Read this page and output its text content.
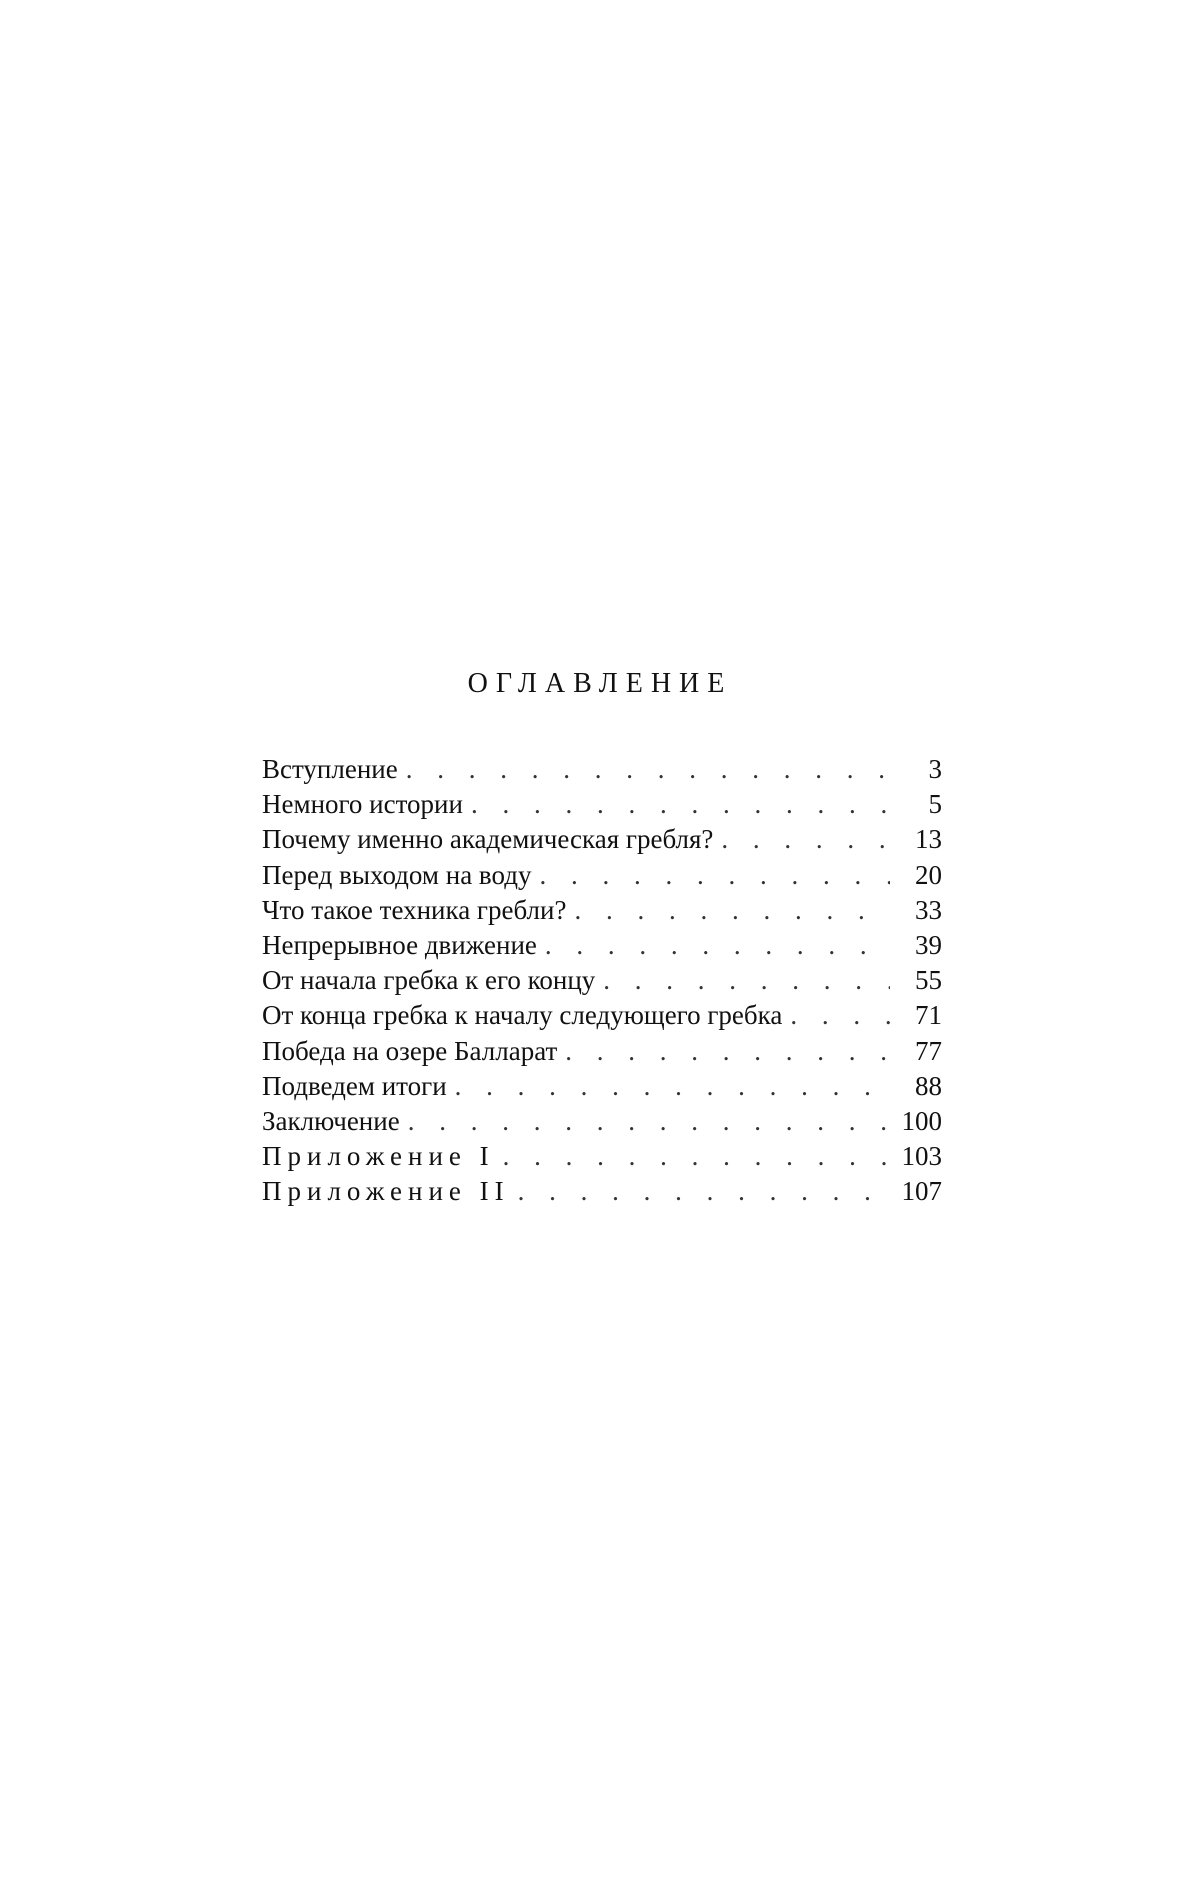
ОГЛАВЛЕНИЕ
Вступление . . .	3
Немного истории . . .	5
Почему именно академическая гребля? . . .	13
Перед выходом на воду . . .	20
Что такое техника гребли? . . .	33
Непрерывное движение . . .	39
От начала гребка к его концу . . .	55
От конца гребка к началу следующего гребка . . .	71
Победа на озере Балларат . . .	77
Подведем итоги . . .	88
Заключение . . .	100
Приложение I . . .	103
Приложение II . . .	107
